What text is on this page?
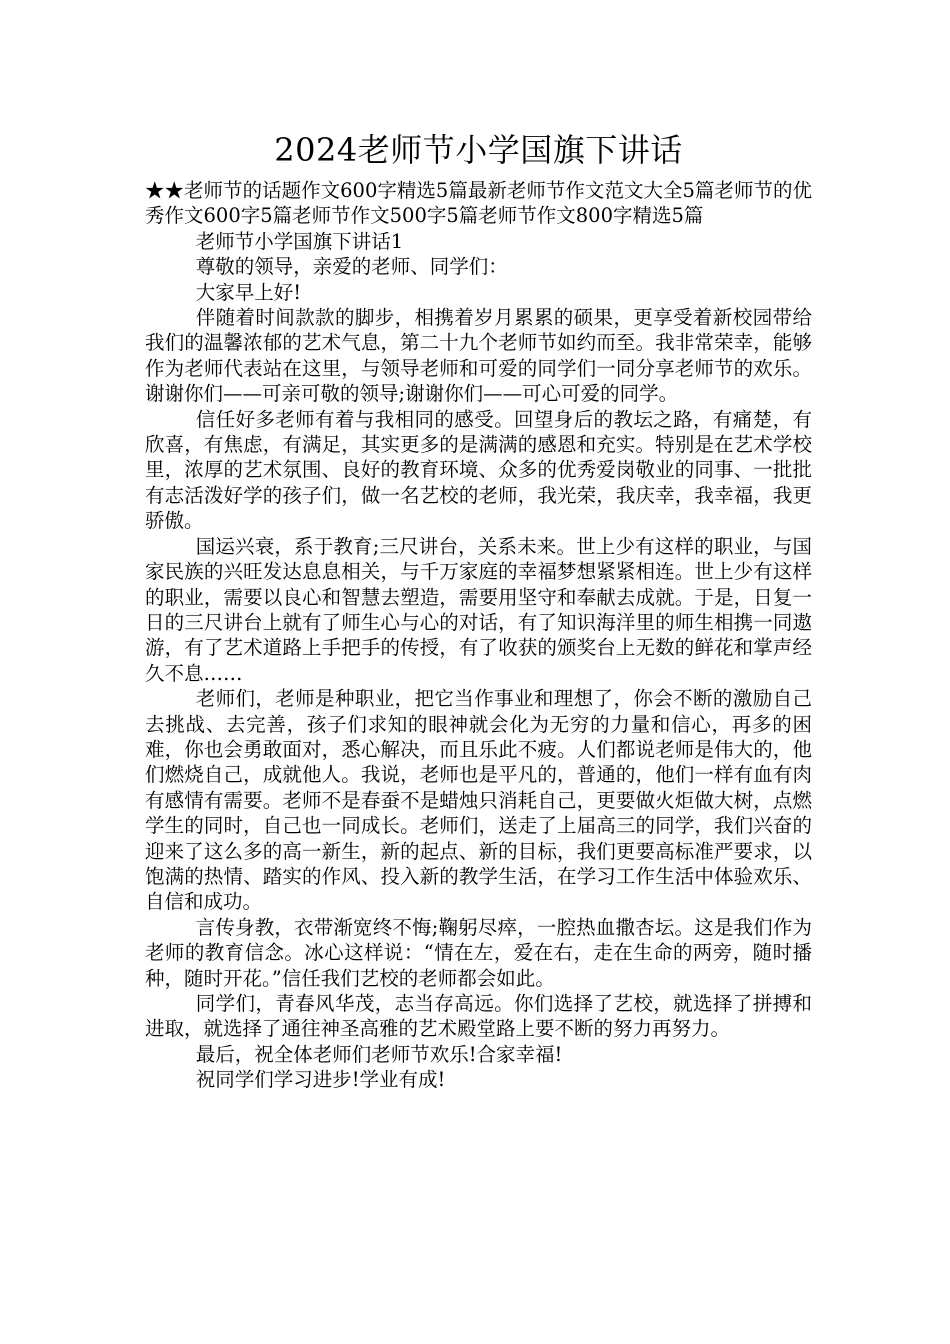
2024老师节小学国旗下讲话

★★老师节的话题作文600字精选5篇最新老师节作文范文大全5篇老师节的优秀作文600字5篇老师节作文500字5篇老师节作文800字精选5篇

老师节小学国旗下讲话1

尊敬的领导，亲爱的老师、同学们：

大家早上好!

伴随着时间款款的脚步，相携着岁月累累的硕果，更享受着新校园带给我们的温馨浓郁的艺术气息，第二十九个老师节如约而至。我非常荣幸，能够作为老师代表站在这里，与领导老师和可爱的同学们一同分享老师节的欢乐。谢谢你们——可亲可敬的领导;谢谢你们——可心可爱的同学。

信任好多老师有着与我相同的感受。回望身后的教坛之路，有痛楚，有欣喜，有焦虑，有满足，其实更多的是满满的感恩和充实。特别是在艺术学校里，浓厚的艺术氛围、良好的教育环境、众多的优秀爱岗敬业的同事、一批批有志活泼好学的孩子们，做一名艺校的老师，我光荣，我庆幸，我幸福，我更骄傲。

国运兴衰，系于教育;三尺讲台，关系未来。世上少有这样的职业，与国家民族的兴旺发达息息相关，与千万家庭的幸福梦想紧紧相连。世上少有这样的职业，需要以良心和智慧去塑造，需要用坚守和奉献去成就。于是，日复一日的三尺讲台上就有了师生心与心的对话，有了知识海洋里的师生相携一同遨游，有了艺术道路上手把手的传授，有了收获的颁奖台上无数的鲜花和掌声经久不息……

老师们，老师是种职业，把它当作事业和理想了，你会不断的激励自己去挑战、去完善，孩子们求知的眼神就会化为无穷的力量和信心，再多的困难，你也会勇敢面对，悉心解决，而且乐此不疲。人们都说老师是伟大的，他们燃烧自己，成就他人。我说，老师也是平凡的，普通的，他们一样有血有肉有感情有需要。老师不是春蚕不是蜡烛只消耗自己，更要做火炬做大树，点燃学生的同时，自己也一同成长。老师们，送走了上届高三的同学，我们兴奋的迎来了这么多的高一新生，新的起点、新的目标，我们更要高标准严要求，以饱满的热情、踏实的作风、投入新的教学生活，在学习工作生活中体验欢乐、自信和成功。

言传身教，衣带渐宽终不悔;鞠躬尽瘁，一腔热血撒杏坛。这是我们作为老师的教育信念。冰心这样说：“情在左，爱在右，走在生命的两旁，随时播种，随时开花。”信任我们艺校的老师都会如此。

同学们，青春风华茂，志当存高远。你们选择了艺校，就选择了拼搏和进取，就选择了通往神圣高雅的艺术殿堂路上要不断的努力再努力。

最后，祝全体老师们老师节欢乐!合家幸福!

祝同学们学习进步!学业有成!
